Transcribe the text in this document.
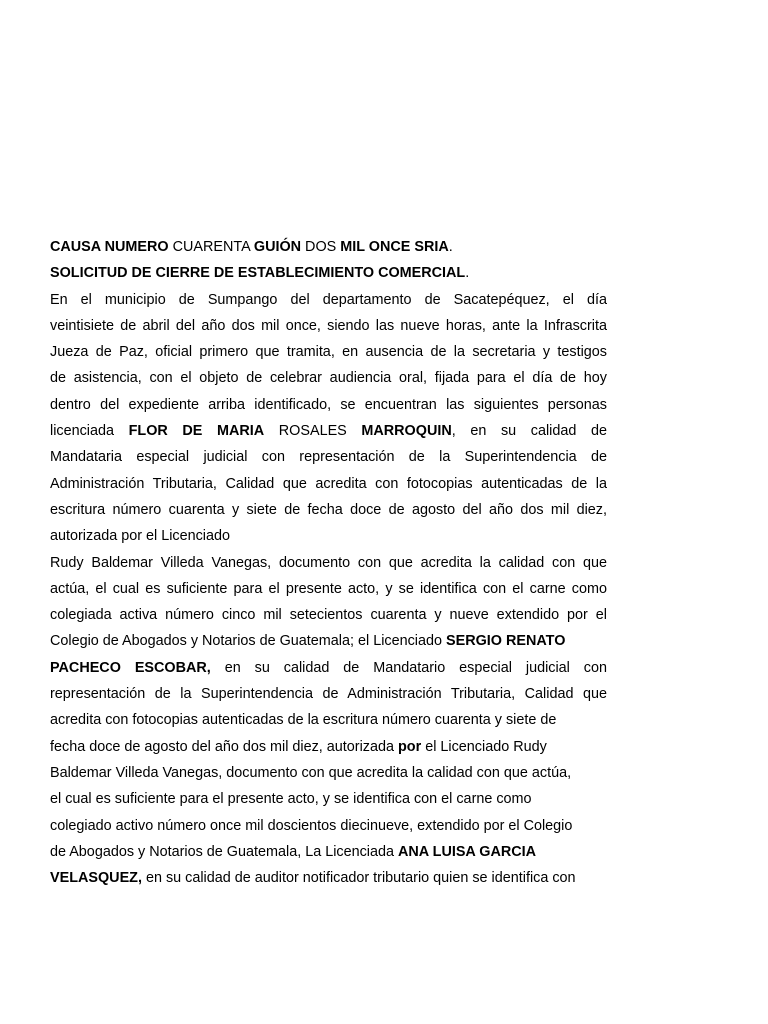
CAUSA NUMERO CUARENTA GUIÓN DOS MIL ONCE SRIA.
SOLICITUD DE CIERRE DE ESTABLECIMIENTO COMERCIAL.
En el municipio de Sumpango del departamento de Sacatepéquez, el día
veintisiete de abril del año dos mil once, siendo las nueve horas, ante la Infrascrita
Jueza de Paz, oficial primero que tramita, en ausencia de la secretaria y testigos
de asistencia, con el objeto de celebrar audiencia oral, fijada para el día de hoy
dentro del expediente arriba identificado, se encuentran las siguientes personas
licenciada FLOR DE MARIA ROSALES MARROQUIN, en su calidad de
Mandataria especial judicial con representación de la Superintendencia de
Administración Tributaria, Calidad que acredita con fotocopias autenticadas de la
escritura número cuarenta y siete de fecha doce de agosto del año dos mil diez,
autorizada por el Licenciado
Rudy Baldemar Villeda Vanegas, documento con que acredita la calidad con que
actúa, el cual es suficiente para el presente acto, y se identifica con el carne como
colegiada activa número cinco mil setecientos cuarenta y nueve extendido por el
Colegio de Abogados y Notarios de Guatemala; el Licenciado SERGIO RENATO
PACHECO ESCOBAR, en su calidad de Mandatario especial judicial con
representación de la Superintendencia de Administración Tributaria, Calidad que
acredita con fotocopias autenticadas de la escritura número cuarenta y siete de
fecha doce de agosto del año dos mil diez, autorizada por el Licenciado Rudy
Baldemar Villeda Vanegas, documento con que acredita la calidad con que actúa,
el cual es suficiente para el presente acto, y se identifica con el carne como
colegiado activo número once mil doscientos diecinueve, extendido por el Colegio
de Abogados y Notarios de Guatemala, La Licenciada ANA LUISA GARCIA
VELASQUEZ, en su calidad de auditor notificador tributario quien se identifica con
